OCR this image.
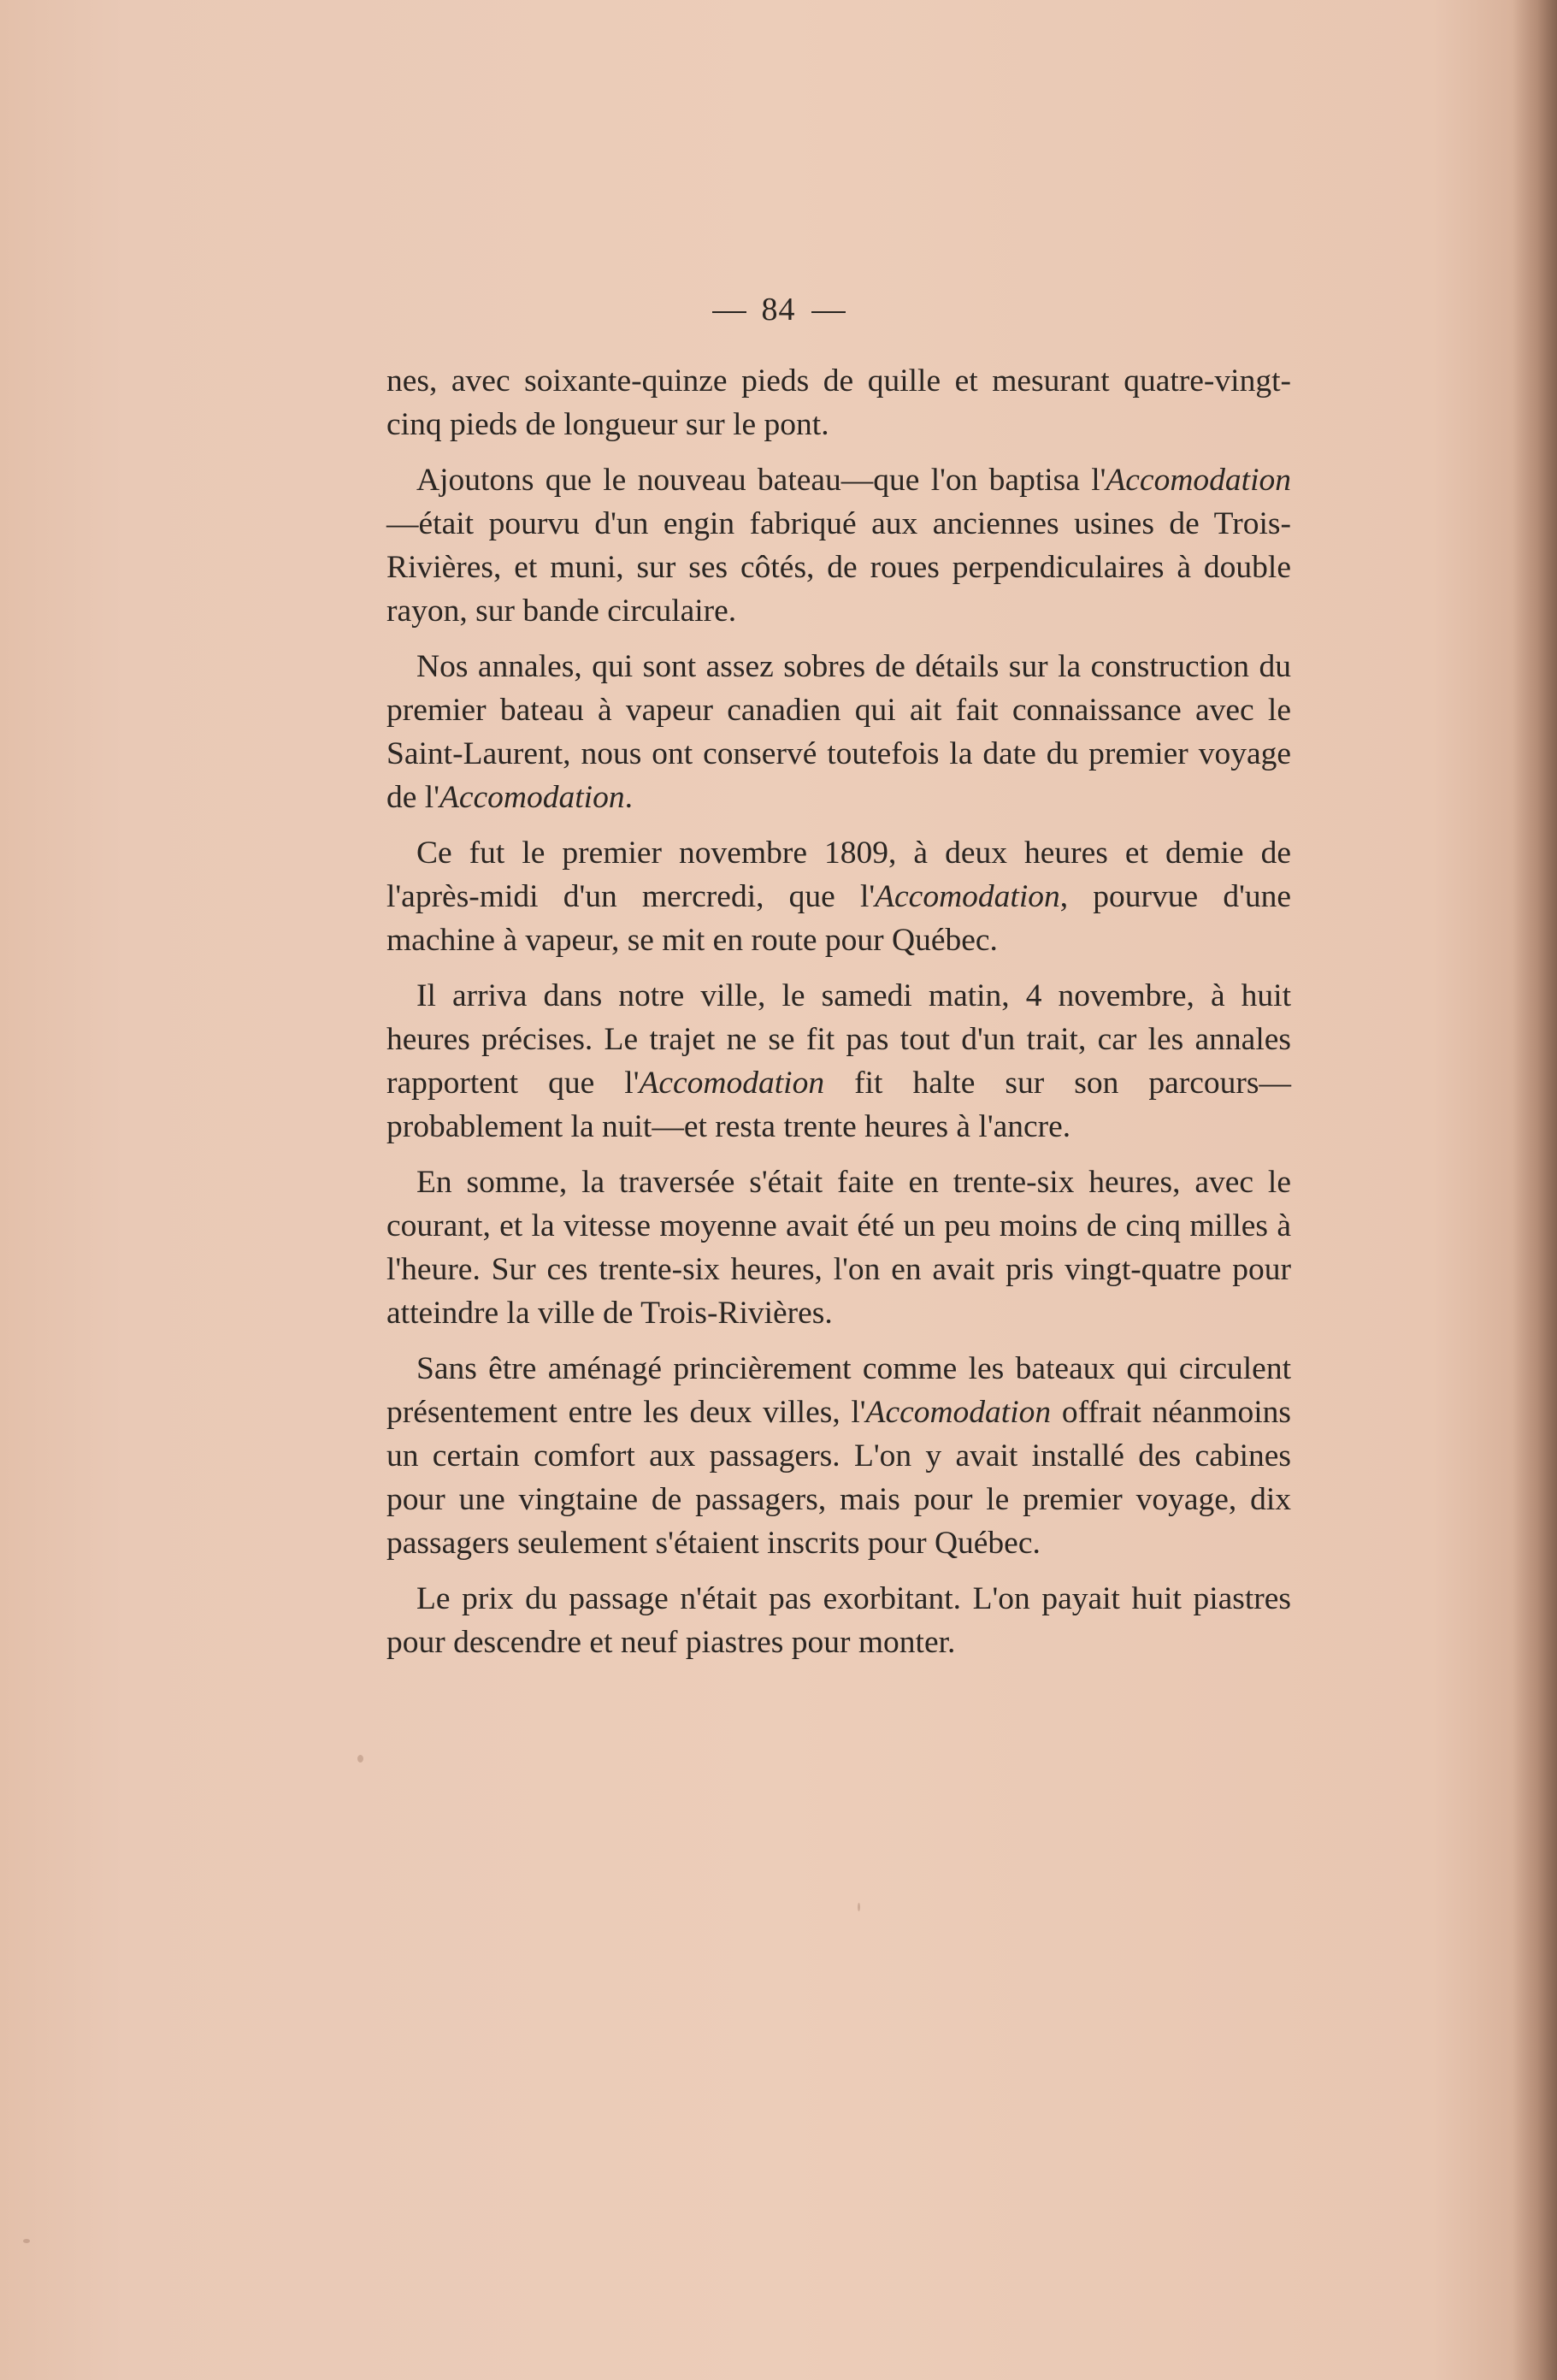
84

nes, avec soixante-quinze pieds de quille et mesurant quatre-vingt-cinq pieds de longueur sur le pont.

Ajoutons que le nouveau bateau—que l'on baptisa l'Accomodation—était pourvu d'un engin fabriqué aux anciennes usines de Trois-Rivières, et muni, sur ses côtés, de roues perpendiculaires à double rayon, sur bande circulaire.

Nos annales, qui sont assez sobres de détails sur la construction du premier bateau à vapeur canadien qui ait fait connaissance avec le Saint-Laurent, nous ont conservé toutefois la date du premier voyage de l'Accomodation.

Ce fut le premier novembre 1809, à deux heures et demie de l'après-midi d'un mercredi, que l'Accomodation, pourvue d'une machine à vapeur, se mit en route pour Québec.

Il arriva dans notre ville, le samedi matin, 4 novembre, à huit heures précises. Le trajet ne se fit pas tout d'un trait, car les annales rapportent que l'Accomodation fit halte sur son parcours—probablement la nuit—et resta trente heures à l'ancre.

En somme, la traversée s'était faite en trente-six heures, avec le courant, et la vitesse moyenne avait été un peu moins de cinq milles à l'heure. Sur ces trente-six heures, l'on en avait pris vingt-quatre pour atteindre la ville de Trois-Rivières.

Sans être aménagé princièrement comme les bateaux qui circulent présentement entre les deux villes, l'Accomodation offrait néanmoins un certain comfort aux passagers. L'on y avait installé des cabines pour une vingtaine de passagers, mais pour le premier voyage, dix passagers seulement s'étaient inscrits pour Québec.

Le prix du passage n'était pas exorbitant. L'on payait huit piastres pour descendre et neuf piastres pour monter.
